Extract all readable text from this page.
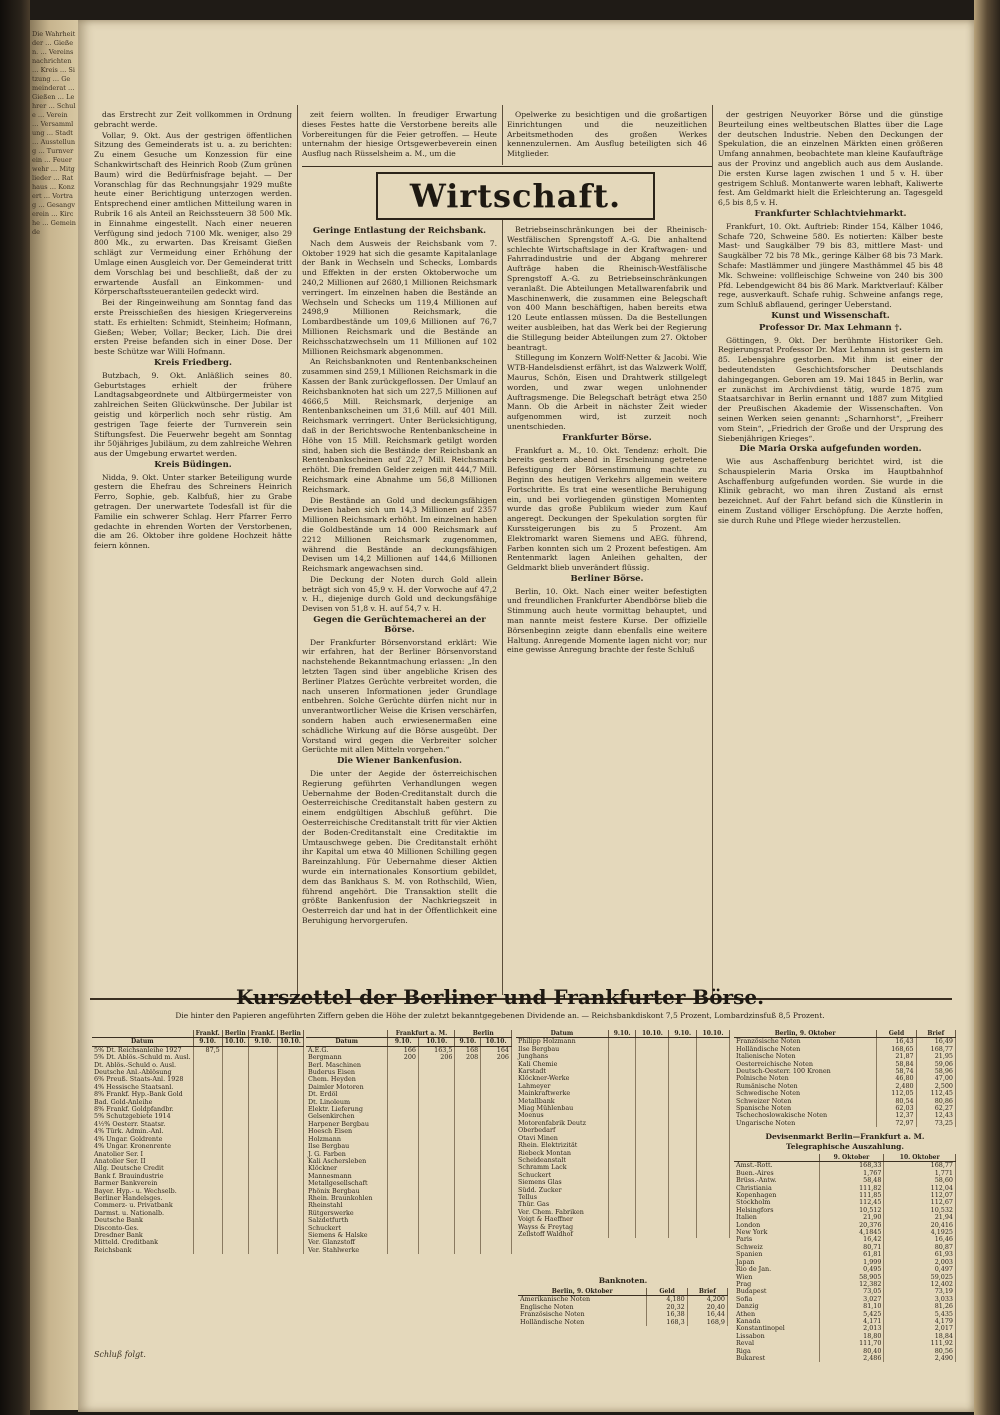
Die Wahrheit der … Gießen. … Vereinsnachrichten … Kreis … Sitzung … Gemeinderat … Gießen … Lehrer … Schule … Verein … Versammlung … Stadt … Ausstellung … Turnverein … Feuerwehr … Mitglieder … Rathaus … Konzert … Vortrag … Gesangverein … Kirche … Gemeinde

das Erstrecht zur Zeit vollkommen in Ordnung gebracht werde.

Vollar, 9. Okt. Aus der gestrigen öffentlichen Sitzung des Gemeinderats ist u. a. zu berichten: Zu einem Gesuche um Konzession für eine Schankwirtschaft des Heinrich Roob (Zum grünen Baum) wird die Bedürfnisfrage bejaht. — Der Voranschlag für das Rechnungsjahr 1929 mußte heute einer Berichtigung unterzogen werden. Entsprechend einer amtlichen Mitteilung waren in Rubrik 16 als Anteil an Reichssteuern 38 500 Mk. in Einnahme eingestellt. Nach einer neueren Verfügung sind jedoch 7100 Mk. weniger, also 29 800 Mk., zu erwarten. Das Kreisamt Gießen schlägt zur Vermeidung einer Erhöhung der Umlage einen Ausgleich vor. Der Gemeinderat tritt dem Vorschlag bei und beschließt, daß der zu erwartende Ausfall an Einkommen- und Körperschaftssteueranteilen gedeckt wird.

Bei der Ringeinweihung am Sonntag fand das erste Preisschießen des hiesigen Kriegervereins statt. Es erhielten: Schmidt, Steinheim; Hofmann, Gießen; Weber, Vollar; Becker, Lich. Die drei ersten Preise befanden sich in einer Dose. Der beste Schütze war Willi Hofmann.

Kreis Friedberg.

Butzbach, 9. Okt. Anläßlich seines 80. Geburtstages erhielt der frühere Landtagsabgeordnete und Altbürgermeister von zahlreichen Seiten Glückwünsche. Der Jubilar ist geistig und körperlich noch sehr rüstig. Am gestrigen Tage feierte der Turnverein sein Stiftungsfest. Die Feuerwehr begeht am Sonntag ihr 50jähriges Jubiläum, zu dem zahlreiche Wehren aus der Umgebung erwartet werden.

Kreis Büdingen.

Nidda, 9. Okt. Unter starker Beteiligung wurde gestern die Ehefrau des Schreiners Heinrich Ferro, Sophie, geb. Kalbfuß, hier zu Grabe getragen. Der unerwartete Todesfall ist für die Familie ein schwerer Schlag. Herr Pfarrer Ferro gedachte in ehrenden Worten der Verstorbenen, die am 26. Oktober ihre goldene Hochzeit hätte feiern können.

zeit feiern wollten. In freudiger Erwartung dieses Festes hatte die Verstorbene bereits alle Vorbereitungen für die Feier getroffen. — Heute unternahm der hiesige Ortsgewerbeverein einen Ausflug nach Rüsselsheim a. M., um die

Opelwerke zu besichtigen und die großartigen Einrichtungen und die neuzeitlichen Arbeitsmethoden des großen Werkes kennenzulernen. Am Ausflug beteiligten sich 46 Mitglieder.

Wirtschaft.
Geringe Entlastung der Reichsbank.

Nach dem Ausweis der Reichsbank vom 7. Oktober 1929 hat sich die gesamte Kapitalanlage der Bank in Wechseln und Schecks, Lombards und Effekten in der ersten Oktoberwoche um 240,2 Millionen auf 2680,1 Millionen Reichsmark verringert. Im einzelnen haben die Bestände an Wechseln und Schecks um 119,4 Millionen auf 2498,9 Millionen Reichsmark, die Lombardbestände um 109,6 Millionen auf 76,7 Millionen Reichsmark und die Bestände an Reichsschatzwechseln um 11 Millionen auf 102 Millionen Reichsmark abgenommen.

An Reichsbanknoten und Rentenbankscheinen zusammen sind 259,1 Millionen Reichsmark in die Kassen der Bank zurückgeflossen. Der Umlauf an Reichsbanknoten hat sich um 227,5 Millionen auf 4666,5 Mill. Reichsmark, derjenige an Rentenbankscheinen um 31,6 Mill. auf 401 Mill. Reichsmark verringert. Unter Berücksichtigung, daß in der Berichtswoche Rentenbankscheine in Höhe von 15 Mill. Reichsmark getilgt worden sind, haben sich die Bestände der Reichsbank an Rentenbankscheinen auf 22,7 Mill. Reichsmark erhöht. Die fremden Gelder zeigen mit 444,7 Mill. Reichsmark eine Abnahme um 56,8 Millionen Reichsmark.

Die Bestände an Gold und deckungsfähigen Devisen haben sich um 14,3 Millionen auf 2357 Millionen Reichsmark erhöht. Im einzelnen haben die Goldbestände um 14 000 Reichsmark auf 2212 Millionen Reichsmark zugenommen, während die Bestände an deckungsfähigen Devisen um 14,2 Millionen auf 144,6 Millionen Reichsmark angewachsen sind.

Die Deckung der Noten durch Gold allein beträgt sich von 45,9 v. H. der Vorwoche auf 47,2 v. H., diejenige durch Gold und deckungsfähige Devisen von 51,8 v. H. auf 54,7 v. H.

Gegen die Gerüchtemacherei an der Börse.

Der Frankfurter Börsenvorstand erklärt: Wie wir erfahren, hat der Berliner Börsenvorstand nachstehende Bekanntmachung erlassen: „In den letzten Tagen sind über angebliche Krisen des Berliner Platzes Gerüchte verbreitet worden, die nach unseren Informationen jeder Grundlage entbehren. Solche Gerüchte dürfen nicht nur in unverantwortlicher Weise die Krisen verschärfen, sondern haben auch erwiesenermaßen eine schädliche Wirkung auf die Börse ausgeübt. Der Vorstand wird gegen die Verbreiter solcher Gerüchte mit allen Mitteln vorgehen.“

Die Wiener Bankenfusion.

Die unter der Aegide der österreichischen Regierung geführten Verhandlungen wegen Uebernahme der Boden-Creditanstalt durch die Oesterreichische Creditanstalt haben gestern zu einem endgültigen Abschluß geführt. Die Oesterreichische Creditanstalt tritt für vier Aktien der Boden-Creditanstalt eine Creditaktie im Umtauschwege geben. Die Creditanstalt erhöht ihr Kapital um etwa 40 Millionen Schilling gegen Bareinzahlung. Für Uebernahme dieser Aktien wurde ein internationales Konsortium gebildet, dem das Bankhaus S. M. von Rothschild, Wien, führend angehört. Die Transaktion stellt die größte Bankenfusion der Nachkriegszeit in Oesterreich dar und hat in der Öffentlichkeit eine Beruhigung hervorgerufen.

Betriebseinschränkungen bei der Rheinisch-Westfälischen Sprengstoff A.-G. Die anhaltend schlechte Wirtschaftslage in der Kraftwagen- und Fahrradindustrie und der Abgang mehrerer Aufträge haben die Rheinisch-Westfälische Sprengstoff A.-G. zu Betriebseinschränkungen veranlaßt. Die Abteilungen Metallwarenfabrik und Maschinenwerk, die zusammen eine Belegschaft von 400 Mann beschäftigen, haben bereits etwa 120 Leute entlassen müssen. Da die Bestellungen weiter ausbleiben, hat das Werk bei der Regierung die Stillegung beider Abteilungen zum 27. Oktober beantragt.

Stillegung im Konzern Wolff-Netter & Jacobi. Wie WTB-Handelsdienst erfährt, ist das Walzwerk Wolff, Maurus, Schön, Eisen und Drahtwerk stillgelegt worden, und zwar wegen unlohnender Auftragsmenge. Die Belegschaft beträgt etwa 250 Mann. Ob die Arbeit in nächster Zeit wieder aufgenommen wird, ist zurzeit noch unentschieden.

Frankfurter Börse.

Frankfurt a. M., 10. Okt. Tendenz: erholt. Die bereits gestern abend in Erscheinung getretene Befestigung der Börsenstimmung machte zu Beginn des heutigen Verkehrs allgemein weitere Fortschritte. Es trat eine wesentliche Beruhigung ein, und bei vorliegenden günstigen Momenten wurde das große Publikum wieder zum Kauf angeregt. Deckungen der Spekulation sorgten für Kurssteigerungen bis zu 5 Prozent. Am Elektromarkt waren Siemens und AEG. führend, Farben konnten sich um 2 Prozent befestigen. Am Rentenmarkt lagen Anleihen gehalten, der Geldmarkt blieb unverändert flüssig.

Berliner Börse.

Berlin, 10. Okt. Nach einer weiter befestigten und freundlichen Frankfurter Abendbörse blieb die Stimmung auch heute vormittag behauptet, und man nannte meist festere Kurse. Der offizielle Börsenbeginn zeigte dann ebenfalls eine weitere Haltung. Anregende Momente lagen nicht vor; nur eine gewisse Anregung brachte der feste Schluß

der gestrigen Neuyorker Börse und die günstige Beurteilung eines weltbeutschen Blattes über die Lage der deutschen Industrie. Neben den Deckungen der Spekulation, die an einzelnen Märkten einen größeren Umfang annahmen, beobachtete man kleine Kaufaufträge aus der Provinz und angeblich auch aus dem Auslande. Die ersten Kurse lagen zwischen 1 und 5 v. H. über gestrigem Schluß. Montanwerte waren lebhaft, Kaliwerte fest. Am Geldmarkt hielt die Erleichterung an. Tagesgeld 6,5 bis 8,5 v. H.

Frankfurter Schlachtviehmarkt.

Frankfurt, 10. Okt. Auftrieb: Rinder 154, Kälber 1046, Schafe 720, Schweine 580. Es notierten: Kälber beste Mast- und Saugkälber 79 bis 83, mittlere Mast- und Saugkälber 72 bis 78 Mk., geringe Kälber 68 bis 73 Mark. Schafe: Mastlämmer und jüngere Masthämmel 45 bis 48 Mk. Schweine: vollfleischige Schweine von 240 bis 300 Pfd. Lebendgewicht 84 bis 86 Mark. Marktverlauf: Kälber rege, ausverkauft. Schafe ruhig. Schweine anfangs rege, zum Schluß abflauend, geringer Ueberstand.

Kunst und Wissenschaft.
Professor Dr. Max Lehmann †.

Göttingen, 9. Okt. Der berühmte Historiker Geh. Regierungsrat Professor Dr. Max Lehmann ist gestern im 85. Lebensjahre gestorben. Mit ihm ist einer der bedeutendsten Geschichtsforscher Deutschlands dahingegangen. Geboren am 19. Mai 1845 in Berlin, war er zunächst im Archivdienst tätig, wurde 1875 zum Staatsarchivar in Berlin ernannt und 1887 zum Mitglied der Preußischen Akademie der Wissenschaften. Von seinen Werken seien genannt: „Scharnhorst“, „Freiherr vom Stein“, „Friedrich der Große und der Ursprung des Siebenjährigen Krieges“.

Die Maria Orska aufgefunden worden.

Wie aus Aschaffenburg berichtet wird, ist die Schauspielerin Maria Orska im Hauptbahnhof Aschaffenburg aufgefunden worden. Sie wurde in die Klinik gebracht, wo man ihren Zustand als ernst bezeichnet. Auf der Fahrt befand sich die Künstlerin in einem Zustand völliger Erschöpfung. Die Aerzte hoffen, sie durch Ruhe und Pflege wieder herzustellen.

Kurszettel der Berliner und Frankfurter Börse.
Die hinter den Papieren angeführten Ziffern geben die Höhe der zuletzt bekanntgegebenen Dividende an. — Reichsbankdiskont 7,5 Prozent, Lombardzinsfuß 8,5 Prozent.
	Frankf.	Berlin	Frankf.	Berlin
Datum	9.10.	10.10.	9.10.	10.10.
5% Dt. Reichsanleihe 1927	87,5			
5% Dt. Ablös.-Schuld m. Ausl.				
Dt. Ablös.-Schuld o. Ausl.				
Deutsche Anl.-Ablösung				
6% Preuß. Staats-Anl. 1928				
4% Hessische Staatsanl.				
8% Frankf. Hyp.-Bank Gold				
Bad. Gold-Anleihe				
8% Frankf. Goldpfandbr.				
5% Schutzgebiete 1914				
4½% Oesterr. Staatsr.				
4% Türk. Admin.-Anl.				
4% Ungar. Goldrente				
4% Ungar. Kronenrente				
Anatolier Ser. I				
Anatolier Ser. II				
Allg. Deutsche Credit				
Bank f. Brauindustrie				
Barmer Bankverein				
Bayer. Hyp.- u. Wechselb.				
Berliner Handelsges.				
Commerz- u. Privatbank				
Darmst. u. Nationalb.				
Deutsche Bank				
Disconto-Ges.				
Dresdner Bank				
Mitteld. Creditbank				
Reichsbank				
	Frankfurt a. M.		Berlin	
Datum	9.10.	10.10.	9.10.	10.10.
A.E.G.	166	163,5	168	164
Bergmann	200	206	208	206
Berl. Maschinen				
Buderus Eisen				
Chem. Heyden				
Daimler Motoren				
Dt. Erdöl				
Dt. Linoleum				
Elektr. Lieferung				
Gelsenkirchen				
Harpener Bergbau				
Hoesch Eisen				
Holzmann				
Ilse Bergbau				
J. G. Farben				
Kali Aschersleben				
Klöckner				
Mannesmann				
Metallgesellschaft				
Phönix Bergbau				
Rhein. Braunkohlen				
Rheinstahl				
Rütgerswerke				
Salzdetfurth				
Schuckert				
Siemens & Halske				
Ver. Glanzstoff				
Ver. Stahlwerke				
Datum	9.10.	10.10.	9.10.	10.10.
Philipp Holzmann				
Ilse Bergbau				
Junghans				
Kali Chemie				
Karstadt				
Klöckner-Werke				
Lahmeyer				
Mainkraftwerke				
Metallbank				
Miag Mühlenbau				
Moenus				
Motorenfabrik Deutz				
Oberbedarf				
Otavi Minen				
Rhein. Elektrizität				
Riebeck Montan				
Scheideanstalt				
Schramm Lack				
Schuckert				
Siemens Glas				
Südd. Zucker				
Tellus				
Thür. Gas				
Ver. Chem. Fabriken				
Voigt & Haeffner				
Wayss & Freytag				
Zellstoff Waldhof				
Banknoten.
Berlin, 9. Oktober	Geld	Brief
Amerikanische Noten	4,180	4,200
Englische Noten	20,32	20,40
Französische Noten	16,38	16,44
Holländische Noten	168,3	168,9
Berlin, 9. Oktober	Geld	Brief
Französische Noten	16,43	16,49
Holländische Noten	168,65	168,77
Italienische Noten	21,87	21,95
Oesterreichische Noten	58,84	59,06
Deutsch-Oesterr. 100 Kronen	58,74	58,96
Polnische Noten	46,80	47,00
Rumänische Noten	2,480	2,500
Schwedische Noten	112,05	112,45
Schweizer Noten	80,54	80,86
Spanische Noten	62,03	62,27
Tschechoslowakische Noten	12,37	12,43
Ungarische Noten	72,97	73,25
Devisenmarkt Berlin—Frankfurt a. M.
Telegraphische Auszahlung.
	9. Oktober	10. Oktober
Amst.-Rott.	168,33	168,77
Buen.-Aires	1,767	1,771
Brüss.-Antw.	58,48	58,60
Christiania	111,82	112,04
Kopenhagen	111,85	112,07
Stockholm	112,45	112,67
Helsingfors	10,512	10,532
Italien	21,90	21,94
London	20,376	20,416
New York	4,1845	4,1925
Paris	16,42	16,46
Schweiz	80,71	80,87
Spanien	61,81	61,93
Japan	1,999	2,003
Rio de Jan.	0,495	0,497
Wien	58,905	59,025
Prag	12,382	12,402
Budapest	73,05	73,19
Sofia	3,027	3,033
Danzig	81,10	81,26
Athen	5,425	5,435
Kanada	4,171	4,179
Konstantinopel	2,013	2,017
Lissabon	18,80	18,84
Reval	111,70	111,92
Riga	80,40	80,56
Bukarest	2,486	2,490
Schluß folgt.
